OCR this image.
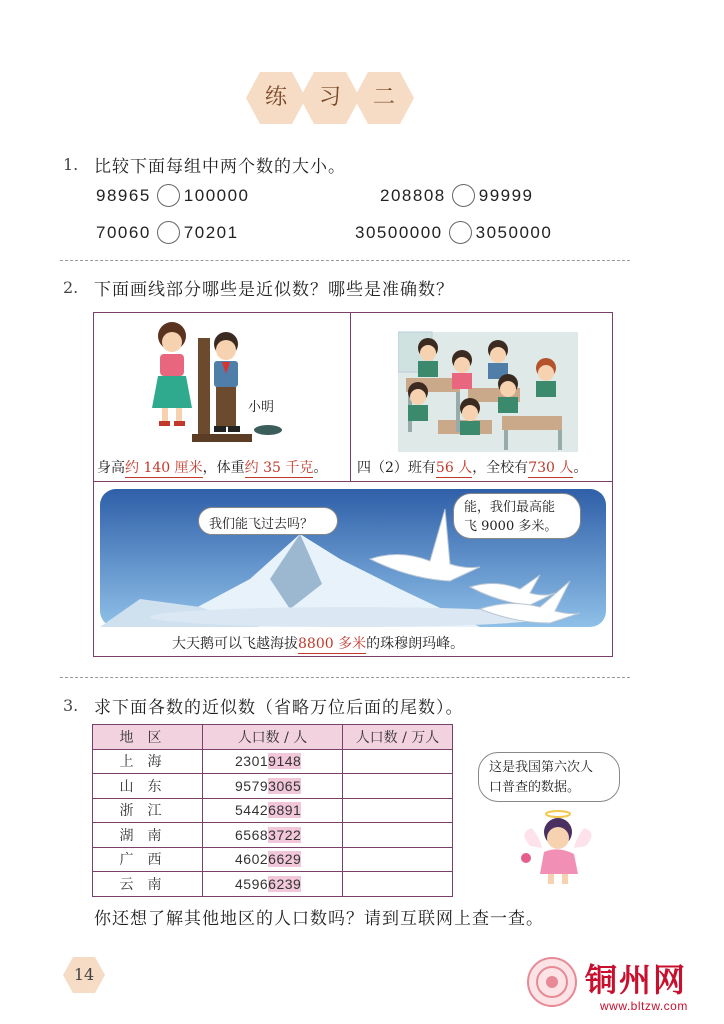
练	习	二
1. 比较下面每组中两个数的大小。
98965 100000	208808 99999
70060 70201	30500000 3050000
2. 下面画线部分哪些是近似数？哪些是准确数？
小明
身高约 140 厘米，体重约 35 千克。 四（2）班有56 人，全校有730 人。
我们能飞过去吗？
能，我们最高能
飞 9000 多米。
大天鹅可以飞越海拔8800 多米的珠穆朗玛峰。
3. 求下面各数的近似数（省略万位后面的尾数）。
地区	人口数 / 人	人口数 / 万人
上海	23019148	
山东	95793065	
浙江	54426891	
湖南	65683722	
广西	46026629	
云南	45966239	
这是我国第六次人
口普查的数据。
你还想了解其他地区的人口数吗？请到互联网上查一查。
14	铜州网
www.bltzw.com
